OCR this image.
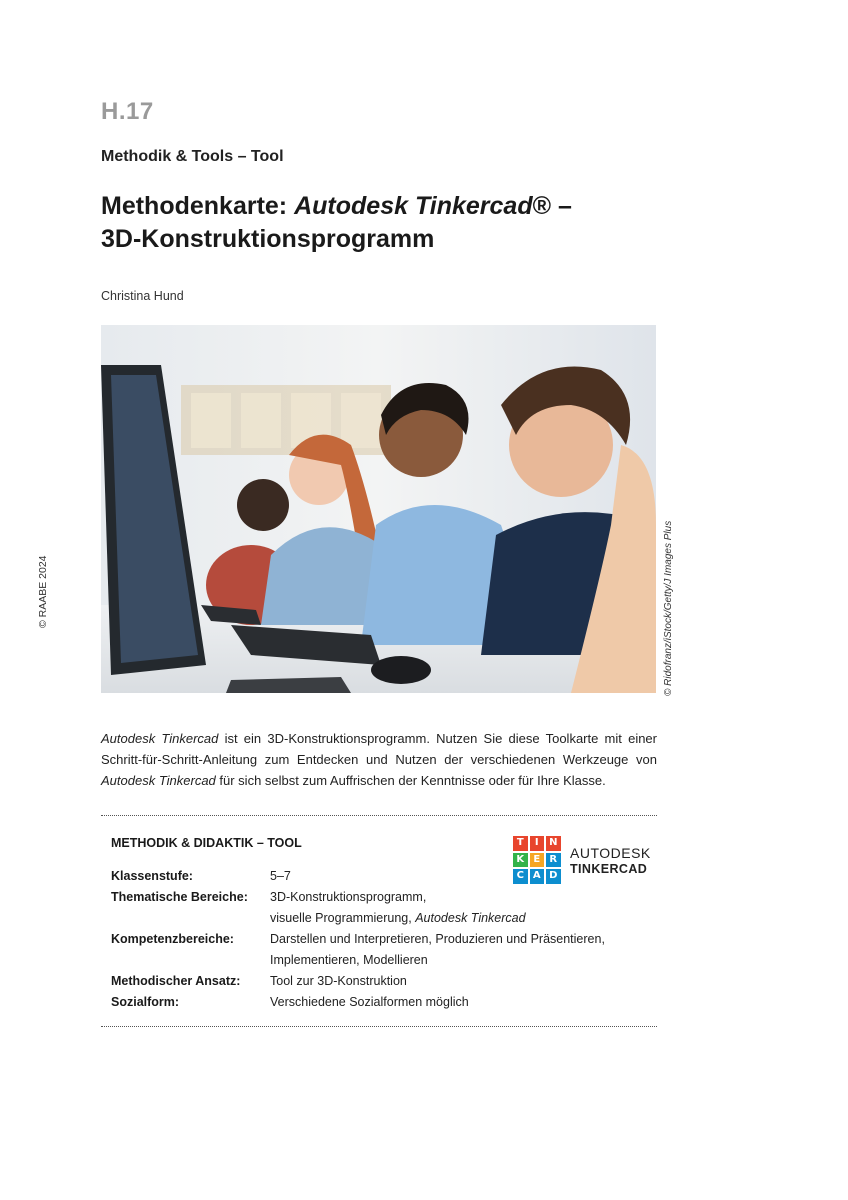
H.17
Methodik & Tools – Tool
Methodenkarte: Autodesk Tinkercad® –
3D-Konstruktionsprogramm
Christina Hund
© RAABE 2024	© Ridofranz/iStock/Getty/J Images Plus
Autodesk Tinkercad ist ein 3D-Konstruktionsprogramm. Nutzen Sie diese Toolkarte mit einer Schritt-für-Schritt-Anleitung zum Entdecken und Nutzen der verschiedenen Werkzeuge von Autodesk Tinkercad für sich selbst zum Auffrischen der Kenntnisse oder für Ihre Klasse.
METHODIK & DIDAKTIK – TOOL	T	I	N
K E R
C A D
AUTODESK
TINKERCAD
Klassenstufe:	5–7
Thematische Bereiche:	3D-Konstruktionsprogramm,
visuelle Programmierung, Autodesk Tinkercad
Kompetenzbereiche:	Darstellen und Interpretieren, Produzieren und Präsentieren,
Implementieren, Modellieren
Methodischer Ansatz:	Tool zur 3D-Konstruktion
Sozialform:	Verschiedene Sozialformen möglich
